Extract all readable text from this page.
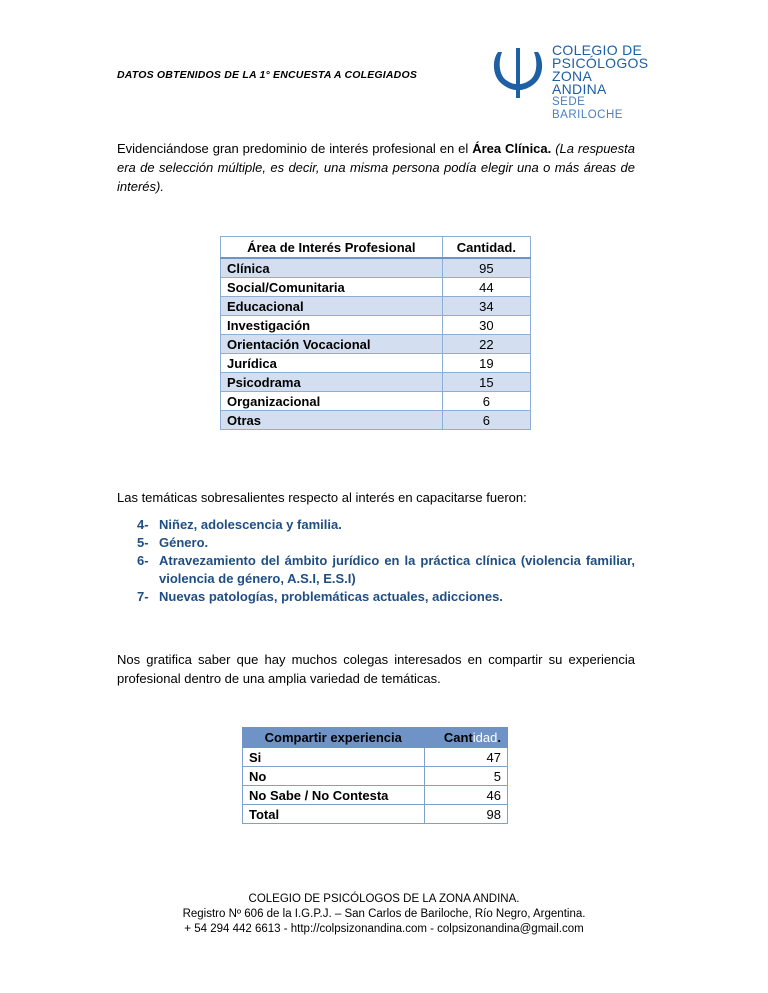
DATOS OBTENIDOS DE LA 1° ENCUESTA A COLEGIADOS
COLEGIO DE
PSICÓLOGOS
ZONA ANDINA
SEDE BARILOCHE
Evidenciándose gran predominio de interés profesional en el Área Clínica. (La respuesta era de selección múltiple, es decir, una misma persona podía elegir una o más áreas de interés).
Área de Interés Profesional	Cantidad.
Clínica	95
Social/Comunitaria	44
Educacional	34
Investigación	30
Orientación Vocacional	22
Jurídica	19
Psicodrama	15
Organizacional	6
Otras	6
Las temáticas sobresalientes respecto al interés en capacitarse fueron:
4- Niñez, adolescencia y familia.
5- Género.
6- Atravezamiento del ámbito jurídico en la práctica clínica (violencia familiar, violencia de género, A.S.I, E.S.I)
7- Nuevas patologías, problemáticas actuales, adicciones.
Nos gratifica saber que hay muchos colegas interesados en compartir su experiencia profesional dentro de una amplia variedad de temáticas.
Compartir experiencia	Cantidad.
Si	47
No	5
No Sabe / No Contesta	46
Total	98
COLEGIO DE PSICÓLOGOS DE LA ZONA ANDINA.
Registro Nº 606 de la I.G.P.J. – San Carlos de Bariloche, Río Negro, Argentina.
+ 54 294 442 6613 - http://colpsizonandina.com - colpsizonandina@gmail.com
